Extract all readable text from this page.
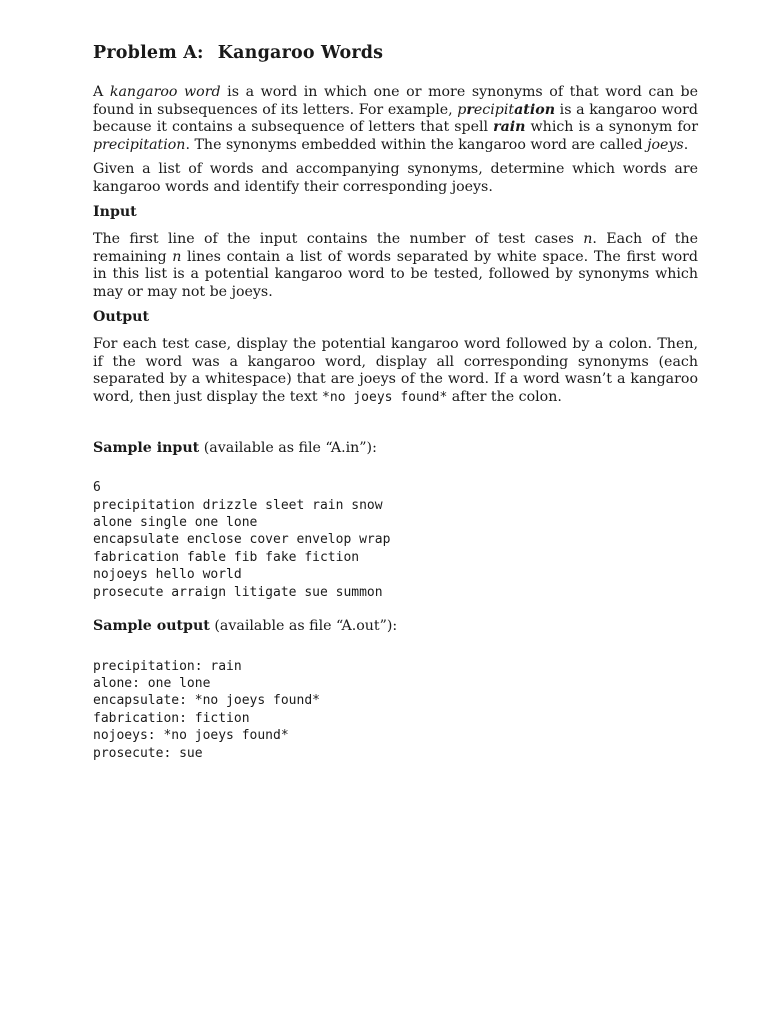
Problem A: Kangaroo Words

A kangaroo word is a word in which one or more synonyms of that word can be found in subsequences of its letters. For example, precipitation is a kangaroo word because it contains a subsequence of letters that spell rain which is a synonym for precipitation. The synonyms embedded within the kangaroo word are called joeys.

Given a list of words and accompanying synonyms, determine which words are kangaroo words and identify their corresponding joeys.

Input

The first line of the input contains the number of test cases n. Each of the remaining n lines contain a list of words separated by white space. The first word in this list is a potential kangaroo word to be tested, followed by synonyms which may or may not be joeys.

Output

For each test case, display the potential kangaroo word followed by a colon. Then, if the word was a kangaroo word, display all corresponding synonyms (each separated by a whitespace) that are joeys of the word. If a word wasn’t a kangaroo word, then just display the text *no joeys found* after the colon.

Sample input (available as file “A.in”):
6
precipitation drizzle sleet rain snow
alone single one lone
encapsulate enclose cover envelop wrap
fabrication fable fib fake fiction
nojoeys hello world
prosecute arraign litigate sue summon
Sample output (available as file “A.out”):
precipitation: rain
alone: one lone
encapsulate: *no joeys found*
fabrication: fiction
nojoeys: *no joeys found*
prosecute: sue
